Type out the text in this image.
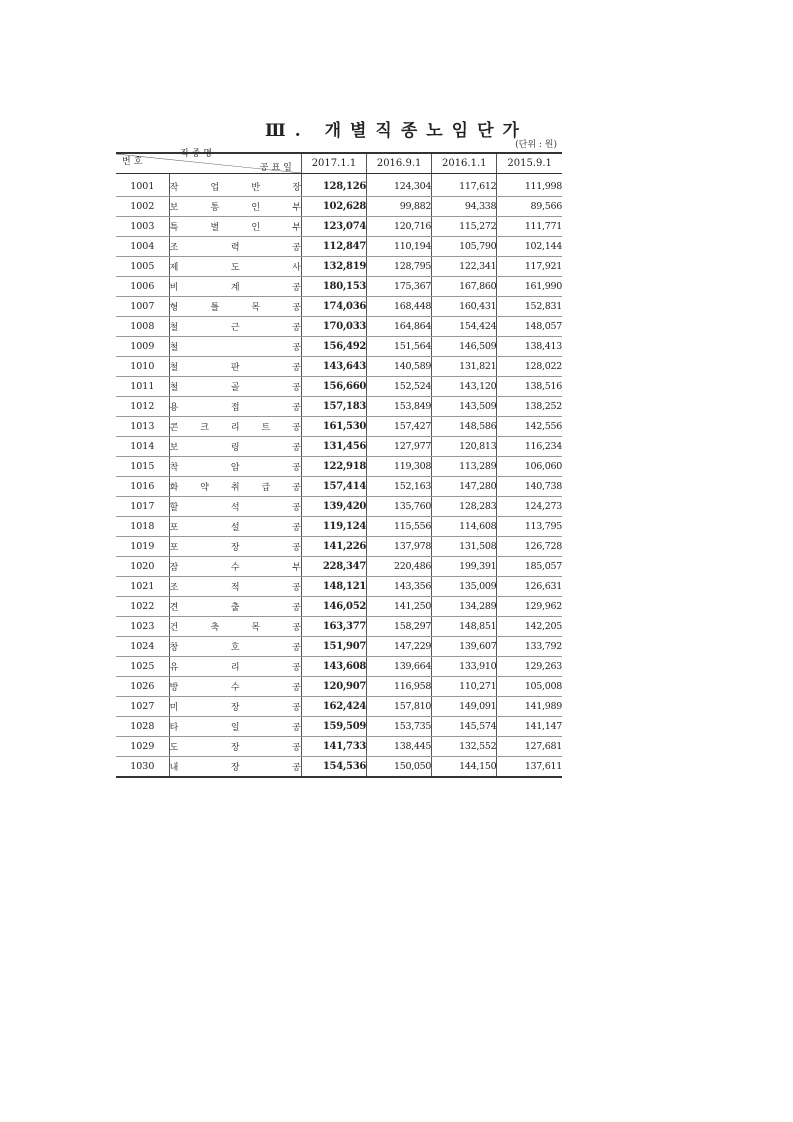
Ⅲ. 개별직종노임단가
(단위 : 원)
공표일
번호
직종명		2017.1.1	2016.9.1	2016.1.1	2015.9.1

1001	작 업 반 장	128,126	124,304	117,612	111,998
1002	보 통 인 부	102,628	99,882	94,338	89,566
1003	특 별 인 부	123,074	120,716	115,272	111,771
1004	조 력 공	112,847	110,194	105,790	102,144
1005	제 도 사	132,819	128,795	122,341	117,921
1006	비 계 공	180,153	175,367	167,860	161,990
1007	형 틀 목 공	174,036	168,448	160,431	152,831
1008	철 근 공	170,033	164,864	154,424	148,057
1009	철 공	156,492	151,564	146,509	138,413
1010	철 판 공	143,643	140,589	131,821	128,022
1011	철 골 공	156,660	152,524	143,120	138,516
1012	용 접 공	157,183	153,849	143,509	138,252
1013	콘 크 리 트 공	161,530	157,427	148,586	142,556
1014	보 링 공	131,456	127,977	120,813	116,234
1015	착 암 공	122,918	119,308	113,289	106,060
1016	화 약 취 급 공	157,414	152,163	147,280	140,738
1017	할 석 공	139,420	135,760	128,283	124,273
1018	포 설 공	119,124	115,556	114,608	113,795
1019	포 장 공	141,226	137,978	131,508	126,728
1020	잠 수 부	228,347	220,486	199,391	185,057
1021	조 적 공	148,121	143,356	135,009	126,631
1022	견 출 공	146,052	141,250	134,289	129,962
1023	건 축 목 공	163,377	158,297	148,851	142,205
1024	창 호 공	151,907	147,229	139,607	133,792
1025	유 리 공	143,608	139,664	133,910	129,263
1026	방 수 공	120,907	116,958	110,271	105,008
1027	미 장 공	162,424	157,810	149,091	141,989
1028	타 일 공	159,509	153,735	145,574	141,147
1029	도 장 공	141,733	138,445	132,552	127,681
1030	내 장 공	154,536	150,050	144,150	137,611
